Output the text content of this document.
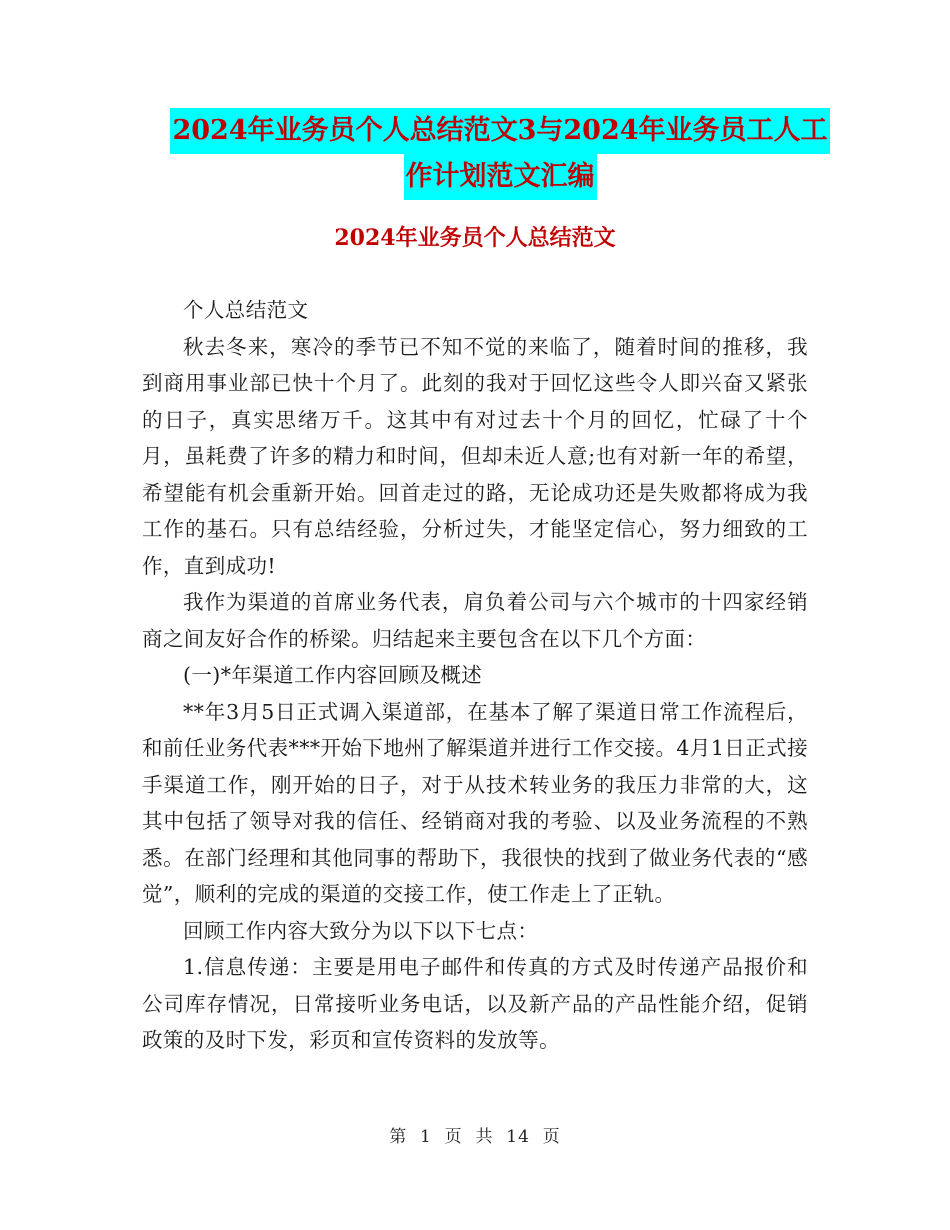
2024年业务员个人总结范文3与2024年业务员工人工
作计划范文汇编
2024年业务员个人总结范文

个人总结范文

秋去冬来，寒冷的季节已不知不觉的来临了，随着时间的推移，我到商用事业部已快十个月了。此刻的我对于回忆这些令人即兴奋又紧张的日子，真实思绪万千。这其中有对过去十个月的回忆，忙碌了十个月，虽耗费了许多的精力和时间，但却未近人意;也有对新一年的希望，希望能有机会重新开始。回首走过的路，无论成功还是失败都将成为我工作的基石。只有总结经验，分析过失，才能坚定信心，努力细致的工作，直到成功!

我作为渠道的首席业务代表，肩负着公司与六个城市的十四家经销商之间友好合作的桥梁。归结起来主要包含在以下几个方面：

(一)*年渠道工作内容回顾及概述

**年3月5日正式调入渠道部，在基本了解了渠道日常工作流程后，和前任业务代表***开始下地州了解渠道并进行工作交接。4月1日正式接手渠道工作，刚开始的日子，对于从技术转业务的我压力非常的大，这其中包括了领导对我的信任、经销商对我的考验、以及业务流程的不熟悉。在部门经理和其他同事的帮助下，我很快的找到了做业务代表的“感觉”，顺利的完成的渠道的交接工作，使工作走上了正轨。

回顾工作内容大致分为以下以下七点：

1.信息传递：主要是用电子邮件和传真的方式及时传递产品报价和公司库存情况，日常接听业务电话，以及新产品的产品性能介绍，促销政策的及时下发，彩页和宣传资料的发放等。

第  1  页  共  14  页
